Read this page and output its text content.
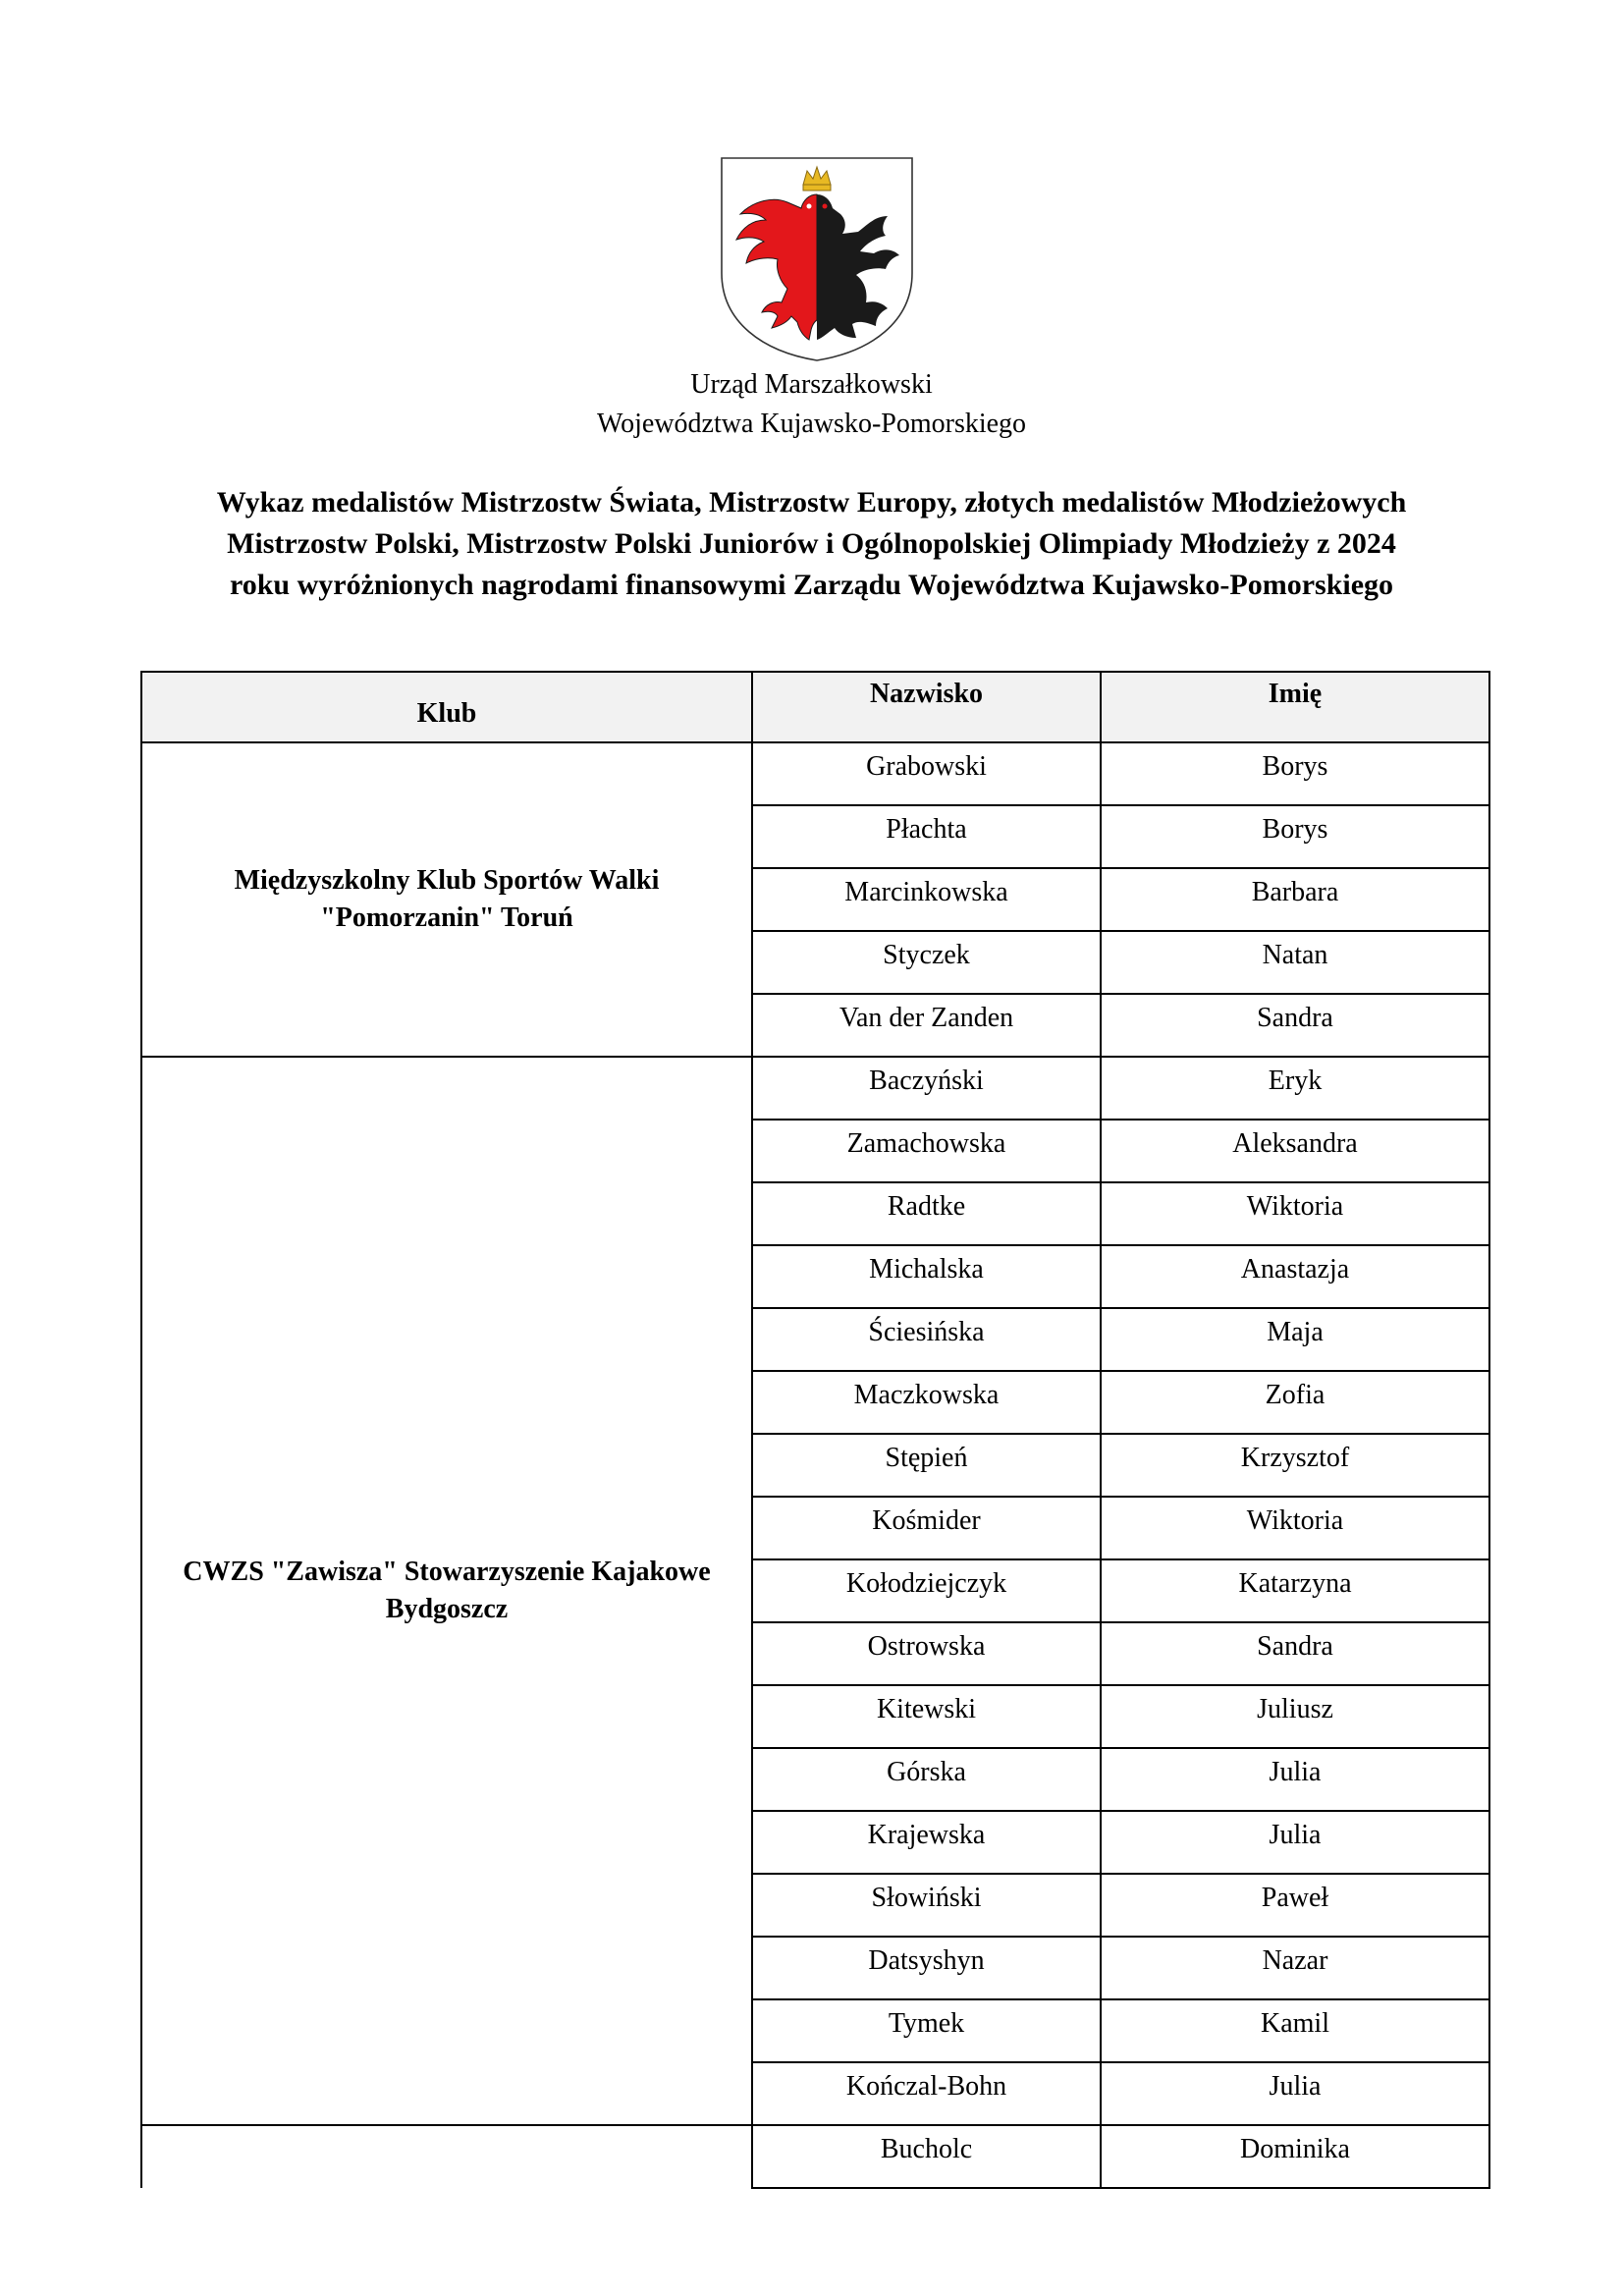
Urząd Marszałkowski
Województwa Kujawsko-Pomorskiego
Wykaz medalistów Mistrzostw Świata, Mistrzostw Europy, złotych medalistów Młodzieżowych
Mistrzostw Polski, Mistrzostw Polski Juniorów i Ogólnopolskiej Olimpiady Młodzieży z 2024
roku wyróżnionych nagrodami finansowymi Zarządu Województwa Kujawsko-Pomorskiego
Klub	Nazwisko	Imię

Międzyszkolny Klub Sportów Walki
"Pomorzanin" Toruń	Grabowski	Borys
	Płachta	Borys
	Marcinkowska	Barbara
	Styczek	Natan
	Van der Zanden	Sandra

CWZS "Zawisza" Stowarzyszenie Kajakowe
Bydgoszcz	Baczyński	Eryk
	Zamachowska	Aleksandra
	Radtke	Wiktoria
	Michalska	Anastazja
	Ściesińska	Maja
	Maczkowska	Zofia
	Stępień	Krzysztof
	Kośmider	Wiktoria
	Kołodziejczyk	Katarzyna
	Ostrowska	Sandra
	Kitewski	Juliusz
	Górska	Julia
	Krajewska	Julia
	Słowiński	Paweł
	Datsyshyn	Nazar
	Tymek	Kamil
	Kończal-Bohn	Julia

	Bucholc	Dominika
